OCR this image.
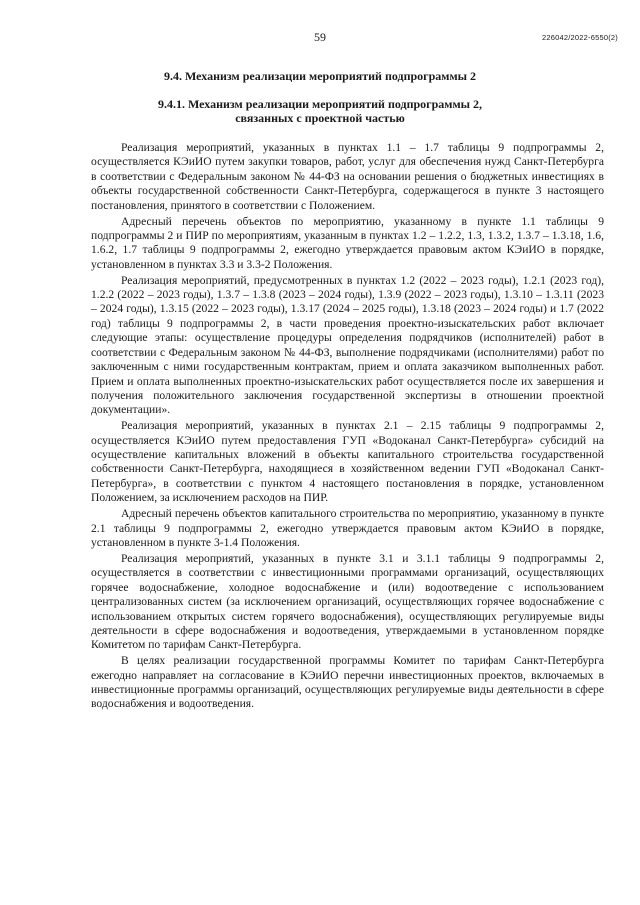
59	226042/2022-6550(2)
9.4. Механизм реализации мероприятий подпрограммы 2
9.4.1. Механизм реализации мероприятий подпрограммы 2,
связанных с проектной частью

Реализация мероприятий, указанных в пунктах 1.1 – 1.7 таблицы 9 подпрограммы 2, осуществляется КЭиИО путем закупки товаров, работ, услуг для обеспечения нужд Санкт-Петербурга в соответствии с Федеральным законом № 44-ФЗ на основании решения о бюджетных инвестициях в объекты государственной собственности Санкт-Петербурга, содержащегося в пункте 3 настоящего постановления, принятого в соответствии с Положением.

Адресный перечень объектов по мероприятию, указанному в пункте 1.1 таблицы 9 подпрограммы 2 и ПИР по мероприятиям, указанным в пунктах 1.2 – 1.2.2, 1.3, 1.3.2, 1.3.7 – 1.3.18, 1.6, 1.6.2, 1.7 таблицы 9 подпрограммы 2, ежегодно утверждается правовым актом КЭиИО в порядке, установленном в пунктах 3.3 и 3.3-2 Положения.

Реализация мероприятий, предусмотренных в пунктах 1.2 (2022 – 2023 годы), 1.2.1 (2023 год), 1.2.2 (2022 – 2023 годы), 1.3.7 – 1.3.8 (2023 – 2024 годы), 1.3.9 (2022 – 2023 годы), 1.3.10 – 1.3.11 (2023 – 2024 годы), 1.3.15 (2022 – 2023 годы), 1.3.17 (2024 – 2025 годы), 1.3.18 (2023 – 2024 годы) и 1.7 (2022 год) таблицы 9 подпрограммы 2, в части проведения проектно-изыскательских работ включает следующие этапы: осуществление процедуры определения подрядчиков (исполнителей) работ в соответствии с Федеральным законом № 44-ФЗ, выполнение подрядчиками (исполнителями) работ по заключенным с ними государственным контрактам, прием и оплата заказчиком выполненных работ. Прием и оплата выполненных проектно-изыскательских работ осуществляется после их завершения и получения положительного заключения государственной экспертизы в отношении проектной документации».

Реализация мероприятий, указанных в пунктах 2.1 – 2.15 таблицы 9 подпрограммы 2, осуществляется КЭиИО путем предоставления ГУП «Водоканал Санкт-Петербурга» субсидий на осуществление капитальных вложений в объекты капитального строительства государственной собственности Санкт-Петербурга, находящиеся в хозяйственном ведении ГУП «Водоканал Санкт-Петербурга», в соответствии с пунктом 4 настоящего постановления в порядке, установленном Положением, за исключением расходов на ПИР.

Адресный перечень объектов капитального строительства по мероприятию, указанному в пункте 2.1 таблицы 9 подпрограммы 2, ежегодно утверждается правовым актом КЭиИО в порядке, установленном в пункте 3-1.4 Положения.

Реализация мероприятий, указанных в пункте 3.1 и 3.1.1 таблицы 9 подпрограммы 2, осуществляется в соответствии с инвестиционными программами организаций, осуществляющих горячее водоснабжение, холодное водоснабжение и (или) водоотведение с использованием централизованных систем (за исключением организаций, осуществляющих горячее водоснабжение с использованием открытых систем горячего водоснабжения), осуществляющих регулируемые виды деятельности в сфере водоснабжения и водоотведения, утверждаемыми в установленном порядке Комитетом по тарифам Санкт-Петербурга.

В целях реализации государственной программы Комитет по тарифам Санкт-Петербурга ежегодно направляет на согласование в КЭиИО перечни инвестиционных проектов, включаемых в инвестиционные программы организаций, осуществляющих регулируемые виды деятельности в сфере водоснабжения и водоотведения.
